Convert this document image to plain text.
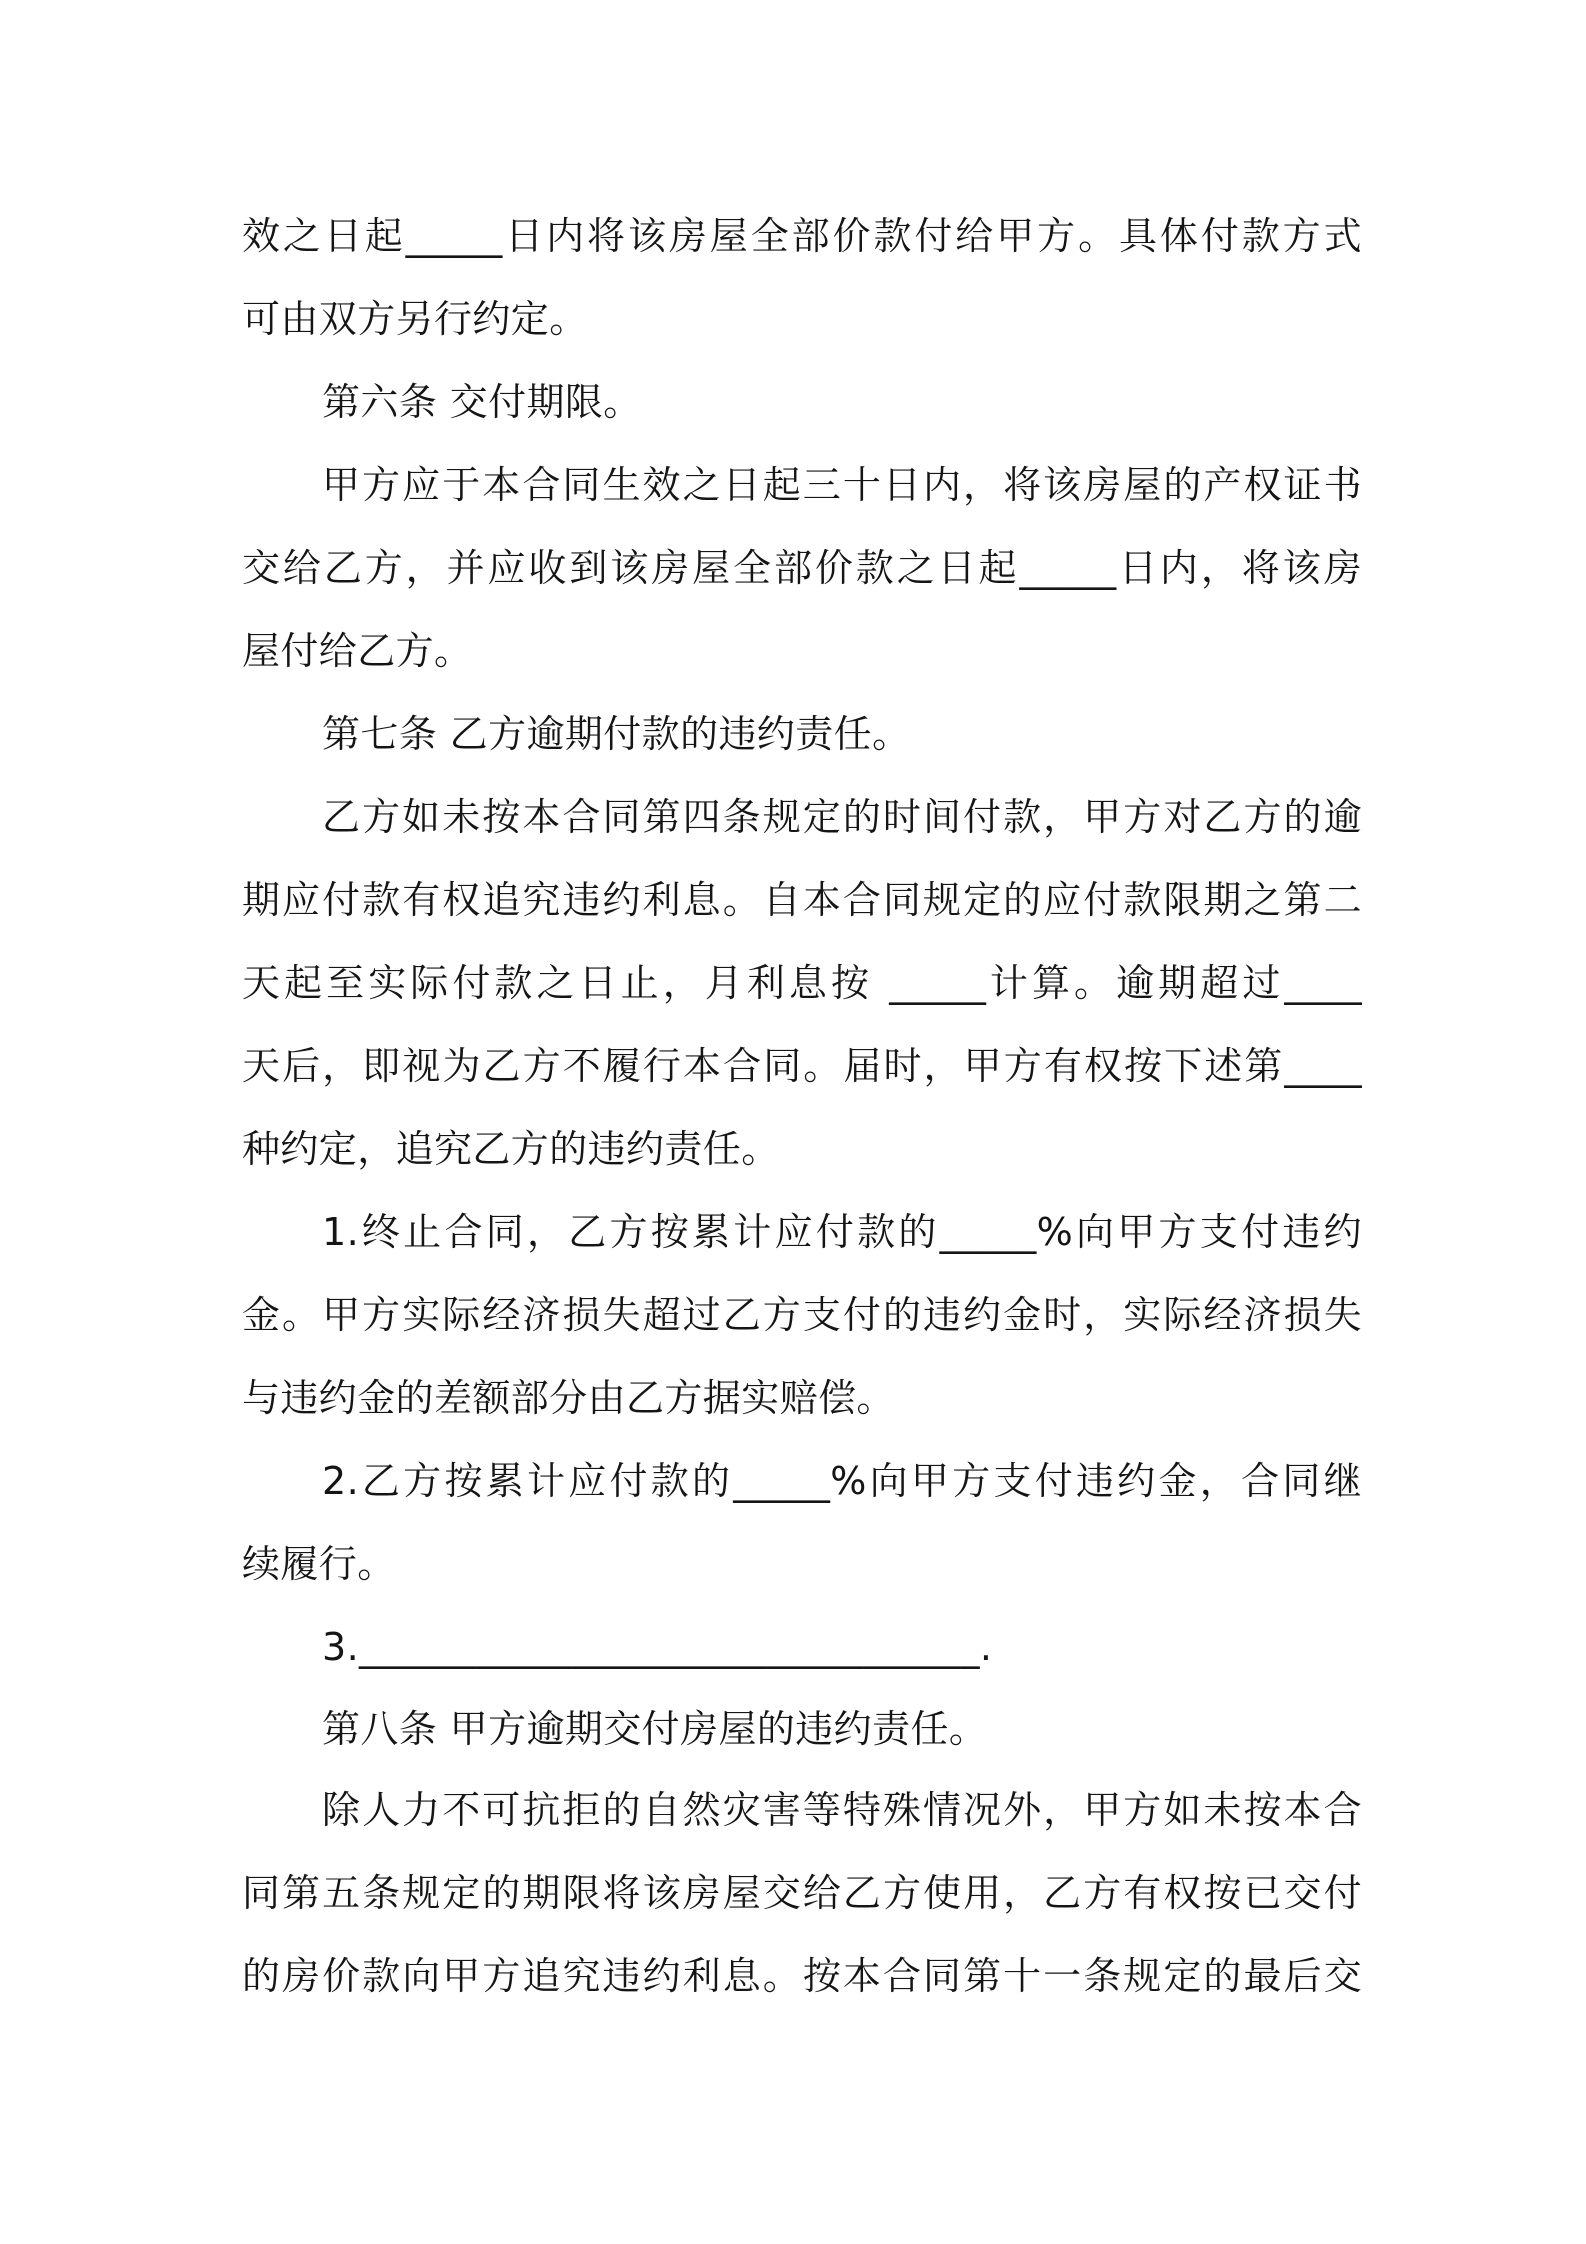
效之日起_____日内将该房屋全部价款付给甲方。具体付款方式
可由双方另行约定。
第六条 交付期限。
甲方应于本合同生效之日起三十日内，将该房屋的产权证书
交给乙方，并应收到该房屋全部价款之日起_____日内，将该房
屋付给乙方。
第七条 乙方逾期付款的违约责任。
乙方如未按本合同第四条规定的时间付款，甲方对乙方的逾
期应付款有权追究违约利息。自本合同规定的应付款限期之第二
天起至实际付款之日止，月利息按 _____计算。逾期超过____
天后，即视为乙方不履行本合同。届时，甲方有权按下述第____
种约定，追究乙方的违约责任。
1.终止合同，乙方按累计应付款的_____%向甲方支付违约
金。甲方实际经济损失超过乙方支付的违约金时，实际经济损失
与违约金的差额部分由乙方据实赔偿。
2.乙方按累计应付款的_____%向甲方支付违约金，合同继
续履行。
3.________________________________.
第八条 甲方逾期交付房屋的违约责任。
除人力不可抗拒的自然灾害等特殊情况外，甲方如未按本合
同第五条规定的期限将该房屋交给乙方使用，乙方有权按已交付
的房价款向甲方追究违约利息。按本合同第十一条规定的最后交
